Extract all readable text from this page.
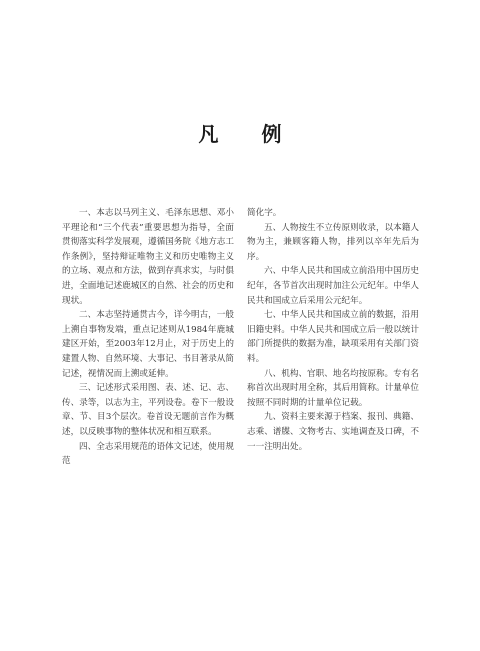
凡 例

一、本志以马列主义、毛泽东思想、邓小平理论和“三个代表”重要思想为指导，全面贯彻落实科学发展观，遵循国务院《地方志工作条例》，坚持辩证唯物主义和历史唯物主义的立场、观点和方法，做到存真求实，与时俱进，全面地记述鹿城区的自然、社会的历史和现状。

二、本志坚持通贯古今，详今明古，一般上溯自事物发端，重点记述则从1984年鹿城建区开始，至2003年12月止，对于历史上的建置人物、自然环境、大事记、书目著录从简记述，视情况而上溯或延伸。

三、记述形式采用图、表、述、记、志、传、录等，以志为主，平列设卷。卷下一般设章、节、目3个层次。卷首设无题前言作为概述，以反映事物的整体状况和相互联系。

四、全志采用规范的语体文记述，使用规范

简化字。

五、人物按生不立传原则收录，以本籍人物为主，兼顾客籍人物，排列以卒年先后为序。

六、中华人民共和国成立前沿用中国历史纪年，各节首次出现时加注公元纪年。中华人民共和国成立后采用公元纪年。

七、中华人民共和国成立前的数据，沿用旧籍史料。中华人民共和国成立后一般以统计部门所提供的数据为准，缺项采用有关部门资料。

八、机构、官职、地名均按原称。专有名称首次出现时用全称，其后用简称。计量单位按照不同时期的计量单位记载。

九、资料主要来源于档案、报刊、典籍、志乘、谱牒、文物考古、实地调查及口碑，不一一注明出处。
